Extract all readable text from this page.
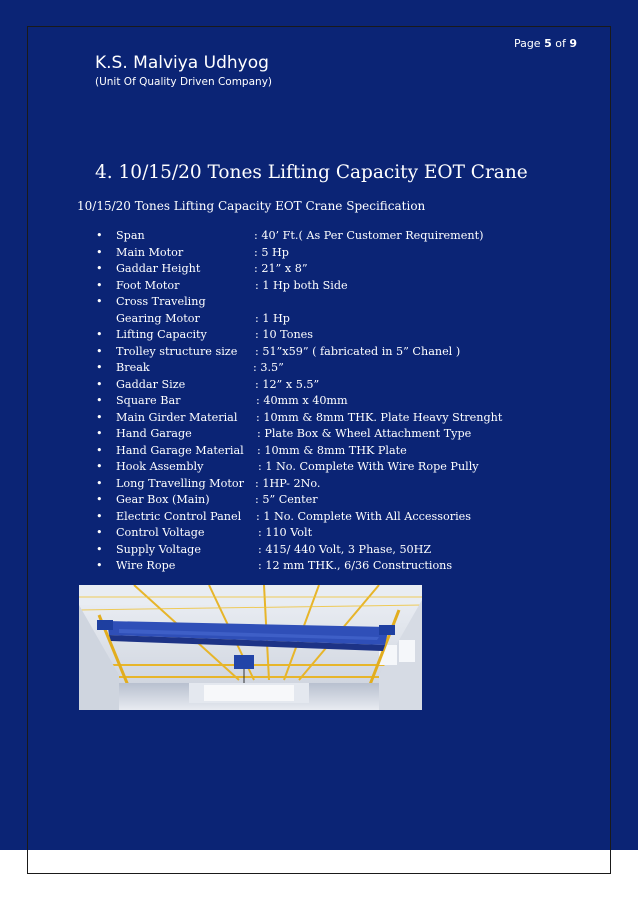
Page 5 of 9
K.S. Malviya Udhyog
(Unit Of Quality Driven Company)
4. 10/15/20 Tones Lifting Capacity EOT Crane
10/15/20 Tones Lifting Capacity EOT Crane Specification
• Span	: 40’ Ft.( As Per Customer Requirement)
• Main Motor	: 5 Hp
• Gaddar Height	: 21” x 8”
• Foot Motor	: 1 Hp both Side
• Cross Traveling
Gearing Motor	: 1 Hp
• Lifting Capacity	: 10 Tones
• Trolley structure size : 51”x59” ( fabricated in 5” Chanel )
• Break	: 3.5”
• Gaddar Size	: 12” x 5.5”
• Square Bar	: 40mm x 40mm
• Main Girder Material : 10mm & 8mm THK. Plate Heavy Strenght
• Hand Garage	: Plate Box & Wheel Attachment Type
• Hand Garage Material : 10mm & 8mm THK Plate
• Hook Assembly	: 1 No. Complete With Wire Rope Pully
• Long Travelling Motor : 1HP- 2No.
• Gear Box (Main)	: 5” Center
• Electric Control Panel : 1 No. Complete With All Accessories
• Control Voltage	: 110 Volt
• Supply Voltage	: 415/ 440 Volt, 3 Phase, 50HZ
• Wire Rope	: 12 mm THK., 6/36 Constructions
